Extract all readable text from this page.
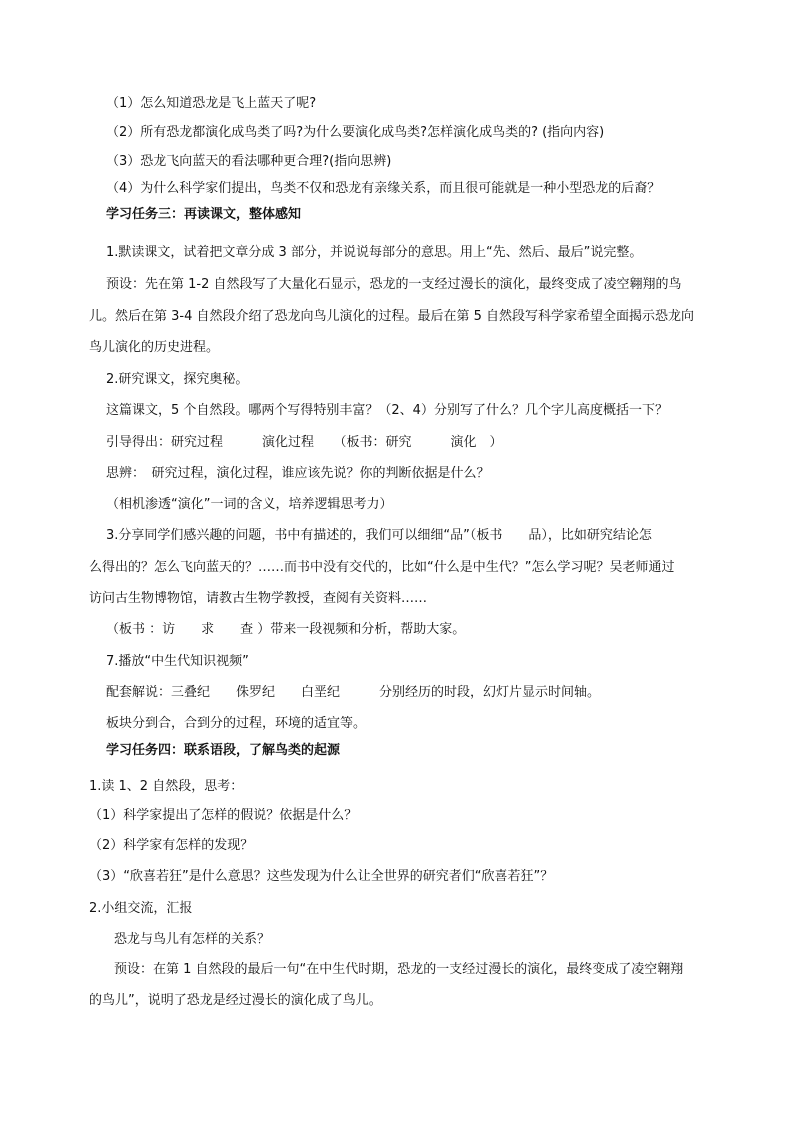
（1）怎么知道恐龙是飞上蓝天了呢?
（2）所有恐龙都演化成鸟类了吗?为什么要演化成鸟类?怎样演化成鸟类的? (指向内容)
（3）恐龙飞向蓝天的看法哪种更合理?(指向思辨)
（4）为什么科学家们提出，鸟类不仅和恐龙有亲缘关系，而且很可能就是一种小型恐龙的后裔？
学习任务三：再读课文，整体感知
1.默读课文，试着把文章分成 3 部分，并说说每部分的意思。用上“先、然后、最后”说完整。
预设：先在第 1-2 自然段写了大量化石显示，恐龙的一支经过漫长的演化，最终变成了凌空翱翔的鸟
儿。然后在第 3-4 自然段介绍了恐龙向鸟儿演化的过程。最后在第 5 自然段写科学家希望全面揭示恐龙向
鸟儿演化的历史进程。
2.研究课文，探究奥秘。
这篇课文，5 个自然段。哪两个写得特别丰富？（2、4）分别写了什么？几个字儿高度概括一下？
引导得出：研究过程　　　演化过程　　（板书：研究　　　演化　）
思辨：　研究过程，演化过程，谁应该先说？你的判断依据是什么？
（相机渗透“演化”一词的含义，培养逻辑思考力）
3.分享同学们感兴趣的问题，书中有描述的，我们可以细细“品”（板书　　品），比如研究结论怎
么得出的？怎么飞向蓝天的？……而书中没有交代的，比如“什么是中生代？”怎么学习呢？吴老师通过
访问古生物博物馆，请教古生物学教授，查阅有关资料……
（板书 ：访　　求　　查 ）带来一段视频和分析，帮助大家。
7.播放“中生代知识视频”
配套解说：三叠纪　　侏罗纪　　白垩纪　　　分别经历的时段，幻灯片显示时间轴。
板块分到合，合到分的过程，环境的适宜等。
学习任务四：联系语段，了解鸟类的起源
1.读 1、2 自然段，思考：
（1）科学家提出了怎样的假说？依据是什么？
（2）科学家有怎样的发现？
（3）“欣喜若狂”是什么意思？这些发现为什么让全世界的研究者们“欣喜若狂”？
2.小组交流，汇报
恐龙与鸟儿有怎样的关系？
预设：在第 1 自然段的最后一句“在中生代时期，恐龙的一支经过漫长的演化，最终变成了凌空翱翔
的鸟儿”，说明了恐龙是经过漫长的演化成了鸟儿。
